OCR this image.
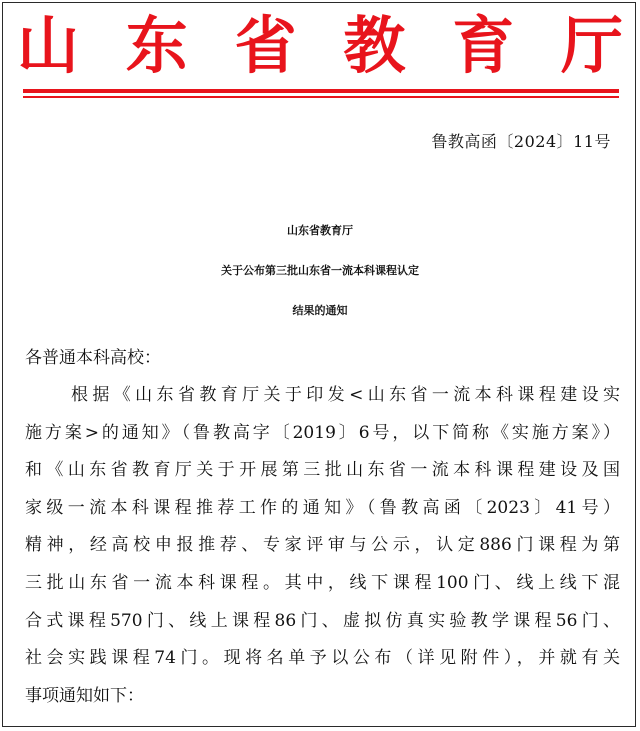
山 东 省 教 育 厅
鲁教高函〔2024〕11号
山东省教育厅
关于公布第三批山东省一流本科课程认定
结果的通知
各普通本科高校：
根据《山东省教育厅关于印发<山东省一流本科课程建设实
施方案>的通知》（鲁教高字〔2019〕6号，以下简称《实施方案》）
和《山东省教育厅关于开展第三批山东省一流本科课程建设及国
家级一流本科课程推荐工作的通知》（鲁教高函〔2023〕41号）
精神，经高校申报推荐、专家评审与公示，认定886门课程为第
三批山东省一流本科课程。其中，线下课程100门、线上线下混
合式课程570门、线上课程86门、虚拟仿真实验教学课程56门、
社会实践课程74门。现将名单予以公布（详见附件），并就有关
事项通知如下：
